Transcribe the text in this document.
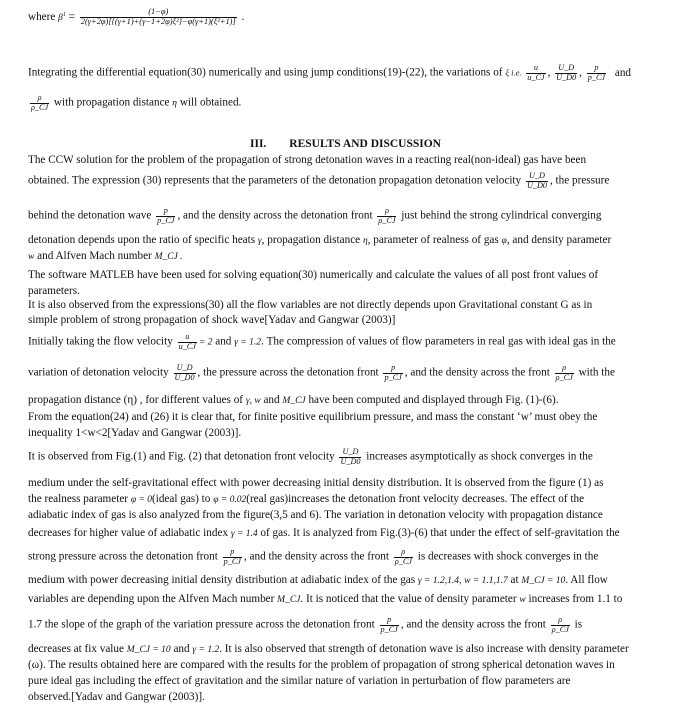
where $\beta^1 = \frac{(1-\varphi)}{\text{2(γ+2φ)[\{(γ+1)+(γ−1+2φ)ξ²\}−φ(γ+1)(ξ²+1)]}}$ .
Integrating the differential equation(30) numerically and using jump conditions(19)-(22), the variations of ξ i.e. $\frac{u}{u\_CJ}$ , $\frac{U\_D}{U\_D0}$ , $\frac{p}{p\_CJ}$ and
$\frac{\rho}{\rho\_CJ}$ with propagation distance η will obtained.
III.        RESULTS AND DISCUSSION
The CCW solution for the problem of the propagation of strong detonation waves in a reacting real(non-ideal) gas have been
obtained. The expression (30) represents that the parameters of the detonation propagation detonation velocity $\frac{U\_D}{U\_D0}$ , the pressure
behind the detonation wave $\frac{p}{p\_CJ}$ , and the density across the detonation front $\frac{\rho}{\rho\_CJ}$ just behind the strong cylindrical converging
detonation depends upon the ratio of specific heats γ, propagation distance η, parameter of realness of gas φ, and density parameter
w and Alfven Mach number M_CJ .
The software MATLEB have been used for solving equation(30) numerically and calculate the values of all post front values of
parameters.
It is also observed from the expressions(30) all the flow variables are not directly depends upon Gravitational constant G as in
simple problem of strong propagation of shock wave[Yadav and Gangwar (2003)]
Initially taking the flow velocity $\frac{u}{u\_CJ} = 2$ and γ = 1.2. The compression of values of flow parameters in real gas with ideal gas in the
variation of detonation velocity $\frac{U\_D}{U\_D0}$ , the pressure across the detonation front $\frac{p}{p\_CJ}$ , and the density across the front $\frac{\rho}{\rho\_CJ}$ with the
propagation distance (η) , for different values of γ, w and M_CJ have been computed and displayed through Fig. (1)-(6).
From the equation(24) and (26) it is clear that, for finite positive equilibrium pressure, and mass the constant ‘w’ must obey the
inequality 1<w<2[Yadav and Gangwar (2003)].
It is observed from Fig.(1) and Fig. (2) that detonation front velocity $\frac{U\_D}{U\_D0}$ increases asymptotically as shock converges in the
medium under the self-gravitational effect with power decreasing initial density distribution. It is observed from the figure (1) as
the realness parameter φ = 0(ideal gas) to φ = 0.02(real gas)increases the detonation front velocity decreases. The effect of the
adiabatic index of gas is also analyzed from the figure(3,5 and 6). The variation in detonation velocity with propagation distance
decreases for higher value of adiabatic index γ = 1.4 of gas. It is analyzed from Fig.(3)-(6) that under the effect of self-gravitation the
strong pressure across the detonation front $\frac{p}{p\_CJ}$ , and the density across the front $\frac{\rho}{\rho\_CJ}$ is decreases with shock converges in the
medium with power decreasing initial density distribution at adiabatic index of the gas γ = 1.2,1.4, w = 1.1,1.7 at M_CJ = 10. All flow
variables are depending upon the Alfven Mach number M_CJ. It is noticed that the value of density parameter w increases from 1.1 to
1.7 the slope of the graph of the variation pressure across the detonation front $\frac{p}{p\_CJ}$ , and the density across the front $\frac{\rho}{\rho\_CJ}$ is
decreases at fix value M_CJ = 10 and γ = 1.2. It is also observed that strength of detonation wave is also increase with density parameter
(ω). The results obtained here are compared with the results for the problem of propagation of strong spherical detonation waves in
pure ideal gas including the effect of gravitation and the similar nature of variation in perturbation of flow parameters are
observed.[Yadav and Gangwar (2003)].
